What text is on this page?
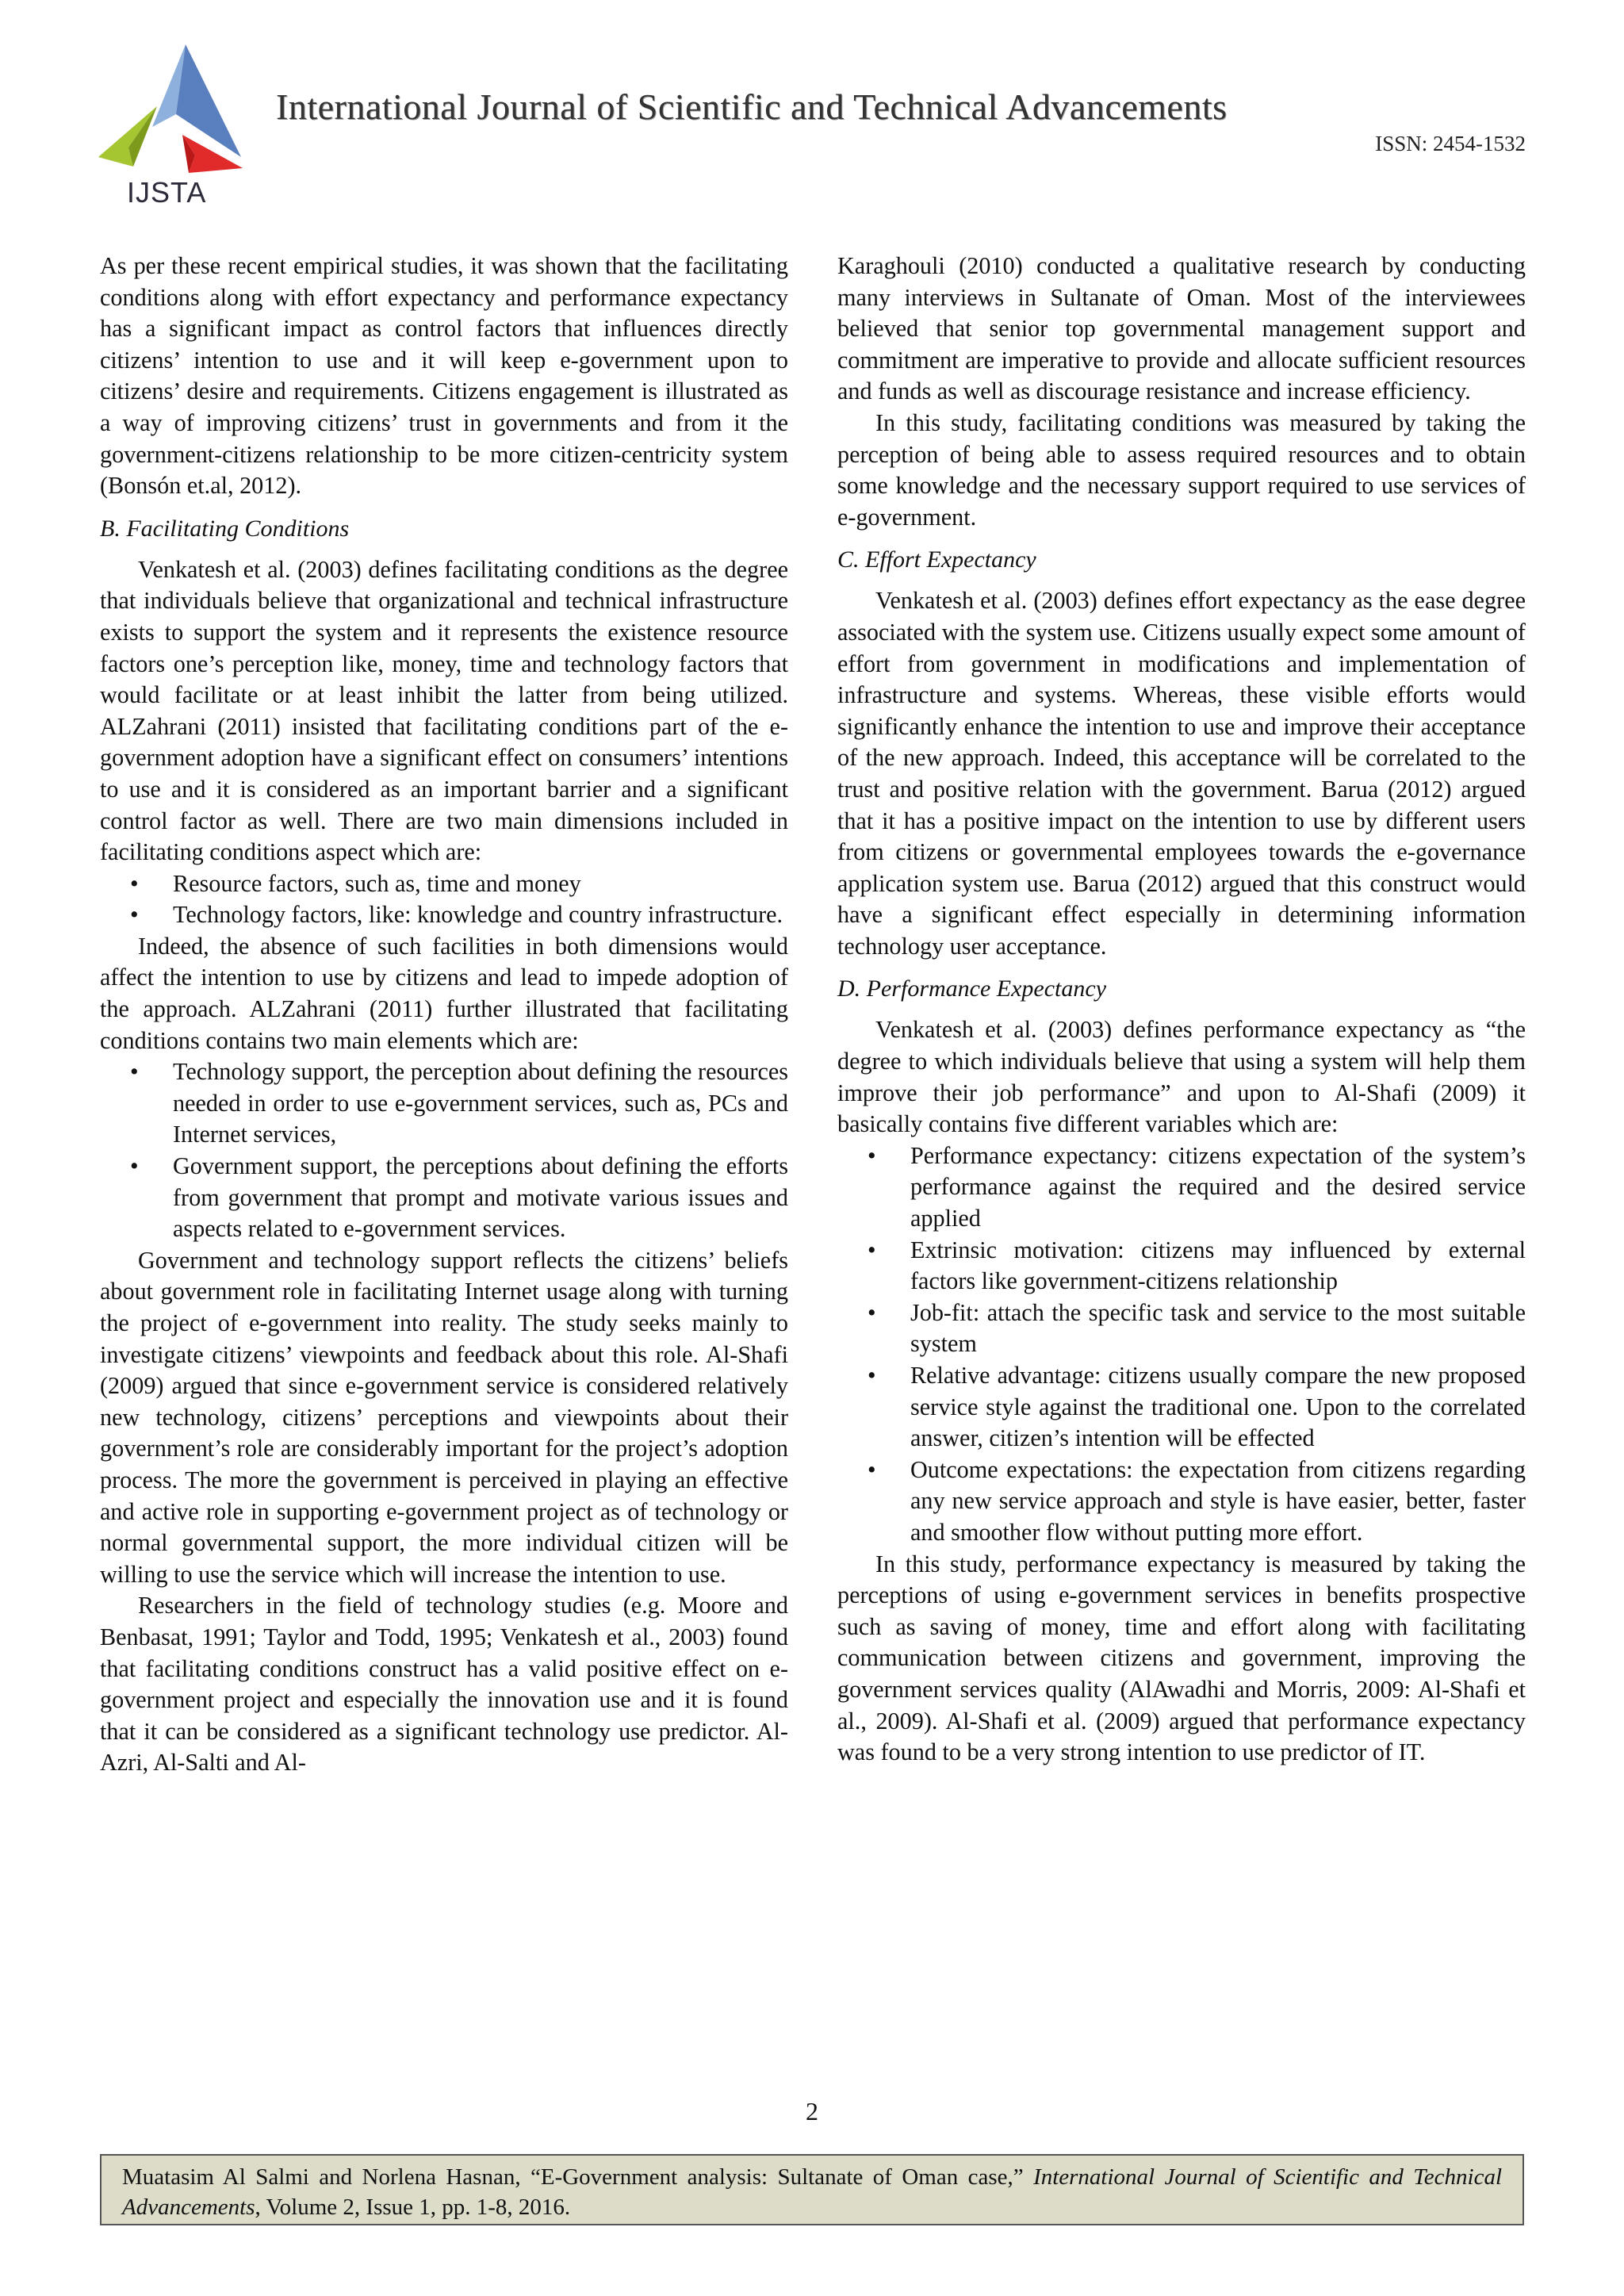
IJSTA
International Journal of Scientific and Technical Advancements
ISSN: 2454-1532

As per these recent empirical studies, it was shown that the facilitating conditions along with effort expectancy and performance expectancy has a significant impact as control factors that influences directly citizens’ intention to use and it will keep e-government upon to citizens’ desire and requirements. Citizens engagement is illustrated as a way of improving citizens’ trust in governments and from it the government-citizens relationship to be more citizen-centricity system (Bonsón et.al, 2012).

B. Facilitating Conditions

Venkatesh et al. (2003) defines facilitating conditions as the degree that individuals believe that organizational and technical infrastructure exists to support the system and it represents the existence resource factors one’s perception like, money, time and technology factors that would facilitate or at least inhibit the latter from being utilized. ALZahrani (2011) insisted that facilitating conditions part of the e-government adoption have a significant effect on consumers’ intentions to use and it is considered as an important barrier and a significant control factor as well. There are two main dimensions included in facilitating conditions aspect which are:

• Resource factors, such as, time and money
• Technology factors, like: knowledge and country infrastructure.

Indeed, the absence of such facilities in both dimensions would affect the intention to use by citizens and lead to impede adoption of the approach. ALZahrani (2011) further illustrated that facilitating conditions contains two main elements which are:

• Technology support, the perception about defining the resources needed in order to use e-government services, such as, PCs and Internet services,
• Government support, the perceptions about defining the efforts from government that prompt and motivate various issues and aspects related to e-government services.

Government and technology support reflects the citizens’ beliefs about government role in facilitating Internet usage along with turning the project of e-government into reality. The study seeks mainly to investigate citizens’ viewpoints and feedback about this role. Al-Shafi (2009) argued that since e-government service is considered relatively new technology, citizens’ perceptions and viewpoints about their government’s role are considerably important for the project’s adoption process. The more the government is perceived in playing an effective and active role in supporting e-government project as of technology or normal governmental support, the more individual citizen will be willing to use the service which will increase the intention to use.

Researchers in the field of technology studies (e.g. Moore and Benbasat, 1991; Taylor and Todd, 1995; Venkatesh et al., 2003) found that facilitating conditions construct has a valid positive effect on e-government project and especially the innovation use and it is found that it can be considered as a significant technology use predictor. Al-Azri, Al-Salti and Al-

Karaghouli (2010) conducted a qualitative research by conducting many interviews in Sultanate of Oman. Most of the interviewees believed that senior top governmental management support and commitment are imperative to provide and allocate sufficient resources and funds as well as discourage resistance and increase efficiency.

In this study, facilitating conditions was measured by taking the perception of being able to assess required resources and to obtain some knowledge and the necessary support required to use services of e-government.

C. Effort Expectancy

Venkatesh et al. (2003) defines effort expectancy as the ease degree associated with the system use. Citizens usually expect some amount of effort from government in modifications and implementation of infrastructure and systems. Whereas, these visible efforts would significantly enhance the intention to use and improve their acceptance of the new approach. Indeed, this acceptance will be correlated to the trust and positive relation with the government. Barua (2012) argued that it has a positive impact on the intention to use by different users from citizens or governmental employees towards the e-governance application system use. Barua (2012) argued that this construct would have a significant effect especially in determining information technology user acceptance.

D. Performance Expectancy

Venkatesh et al. (2003) defines performance expectancy as “the degree to which individuals believe that using a system will help them improve their job performance” and upon to Al-Shafi (2009) it basically contains five different variables which are:

• Performance expectancy: citizens expectation of the system’s performance against the required and the desired service applied
• Extrinsic motivation: citizens may influenced by external factors like government-citizens relationship
• Job-fit: attach the specific task and service to the most suitable system
• Relative advantage: citizens usually compare the new proposed service style against the traditional one. Upon to the correlated answer, citizen’s intention will be effected
• Outcome expectations: the expectation from citizens regarding any new service approach and style is have easier, better, faster and smoother flow without putting more effort.

In this study, performance expectancy is measured by taking the perceptions of using e-government services in benefits prospective such as saving of money, time and effort along with facilitating communication between citizens and government, improving the government services quality (AlAwadhi and Morris, 2009: Al-Shafi et al., 2009). Al-Shafi et al. (2009) argued that performance expectancy was found to be a very strong intention to use predictor of IT.

2
Muatasim Al Salmi and Norlena Hasnan, “E-Government analysis: Sultanate of Oman case,” International Journal of Scientific and Technical Advancements, Volume 2, Issue 1, pp. 1-8, 2016.
